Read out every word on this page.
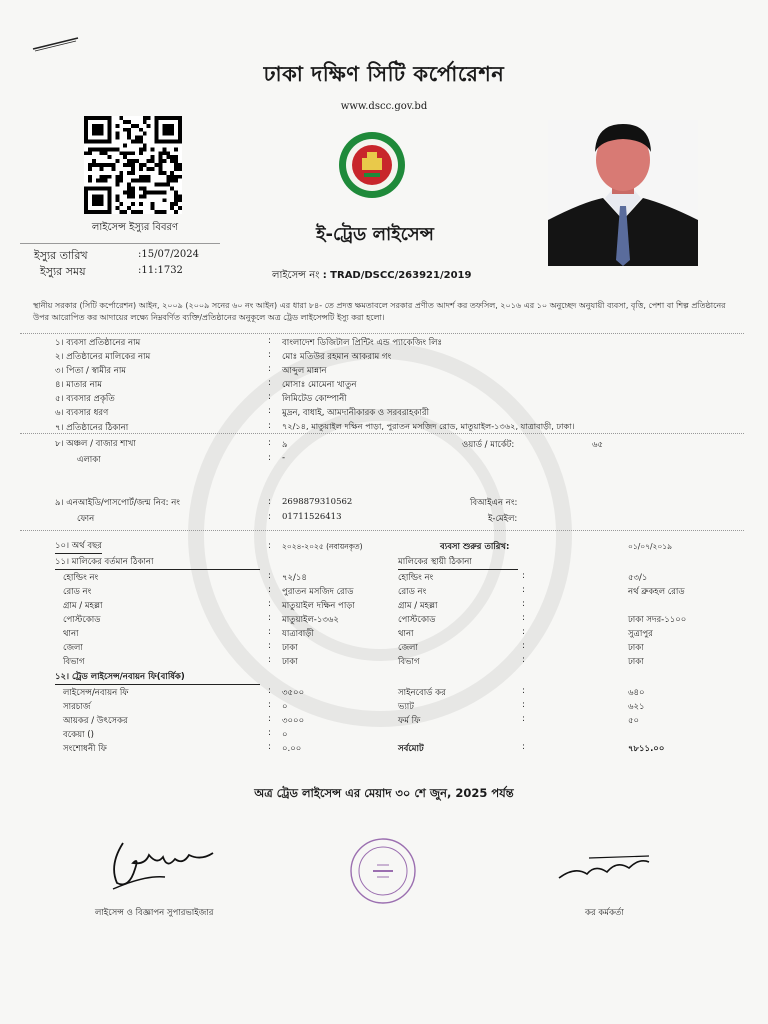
ঢাকা দক্ষিণ সিটি কর্পোরেশন
www.dscc.gov.bd
লাইসেন্স ইস্যুর বিবরণ
ইস্যুর তারিখ	:15/07/2024
ইস্যুর সময়	:11:1732
ই-ট্রেড লাইসেন্স
লাইসেন্স নং : TRAD/DSCC/263921/2019
স্থানীয় সরকার (সিটি কর্পোরেশন) আইন, ২০০৯ (২০০৯ সনের ৬০ নং আইন) এর ধারা ৮৪- তে প্রদত্ত ক্ষমতাবলে সরকার প্রণীত আদর্শ কর তফসিল, ২০১৬ এর ১০ অনুচ্ছেদ অনুযায়ী ব্যবসা, বৃত্তি, পেশা বা শিল্প প্রতিষ্ঠানের উপর আরোপিত কর আদায়ের লক্ষ্যে নিম্নবর্ণিত ব্যক্তি/প্রতিষ্ঠানের অনুকূলে অত্র ট্রেড লাইসেন্সটি ইস্যু করা হলো।
১। ব্যবসা প্রতিষ্ঠানের নাম	: বাংলাদেশ ডিজিটাল প্রিন্টিং এন্ড প্যাকেজিং লিঃ
২। প্রতিষ্ঠানের মালিকের নাম	: মোঃ মতিউর রহমান আকরাম গং
৩। পিতা / স্বামীর নাম	: আব্দুল মান্নান
৪। মাতার নাম	: মোসাঃ মোমেনা খাতুন
৫। ব্যবসার প্রকৃতি	: লিমিটেড কোম্পানী
৬। ব্যবসার ধরণ	: মুদ্রন, বাধাই, আমদানীকারক ও সরবরাহকারী
৭। প্রতিষ্ঠানের ঠিকানা	: ৭২/১৪, মাতুয়াইল দক্ষিন পাড়া, পুরাতন মসজিদ রোড, মাতুয়াইল-১৩৬২, যাত্রাবাড়ী, ঢাকা।
৮। অঞ্চল / বাজার শাখা	: ৯	ওয়ার্ড / মার্কেট:	৬৫
এলাকা	: -
৯। এনআইডি/পাসপোর্ট/জন্ম নিব: নং	: 2698879310562	বিআইএন নং:
ফোন	: 01711526413	ই-মেইল:
১০। অর্থ বছর	: ২০২৪-২০২৫ (নবায়নকৃত)	ব্যবসা শুরুর তারিখ:	০১/০৭/২০১৯
১১। মালিকের বর্তমান ঠিকানা	মালিকের স্থায়ী ঠিকানা
হোল্ডিং নং	: ৭২/১৪	হোল্ডিং নং	:	৫৩/১
রোড নং	: পুরাতন মসজিদ রোড	রোড নং	:	নর্থ ব্রুকহল রোড
গ্রাম / মহল্লা	: মাতুয়াইল দক্ষিন পাড়া	গ্রাম / মহল্লা	:
পোস্টকোড	: মাতুয়াইল-১৩৬২	পোস্টকোড	:	ঢাকা সদর-১১০০
থানা	: যাত্রাবাড়ী	থানা	:	সুত্রাপুর
জেলা	: ঢাকা	জেলা	:	ঢাকা
বিভাগ	: ঢাকা	বিভাগ	:	ঢাকা
১২। ট্রেড লাইসেন্স/নবায়ন ফি(বার্ষিক)
লাইসেন্স/নবায়ন ফি	: ৩৫০০	সাইনবোর্ড কর	:	৬৪০
সারচার্জ	: ০	ভ্যাট	:	৬২১
আয়কর / উৎসেকর	: ৩০০০	ফর্ম ফি	:	৫০
বকেয়া ()	: ০
সংশোধনী ফি	: ০.০০	সর্বমোট	:	৭৮১১.০০
অত্র ট্রেড লাইসেন্স এর মেয়াদ ৩০ শে জুন, 2025 পর্যন্ত
লাইসেন্স ও বিজ্ঞাপন সুপারভাইজার	কর কর্মকর্তা
